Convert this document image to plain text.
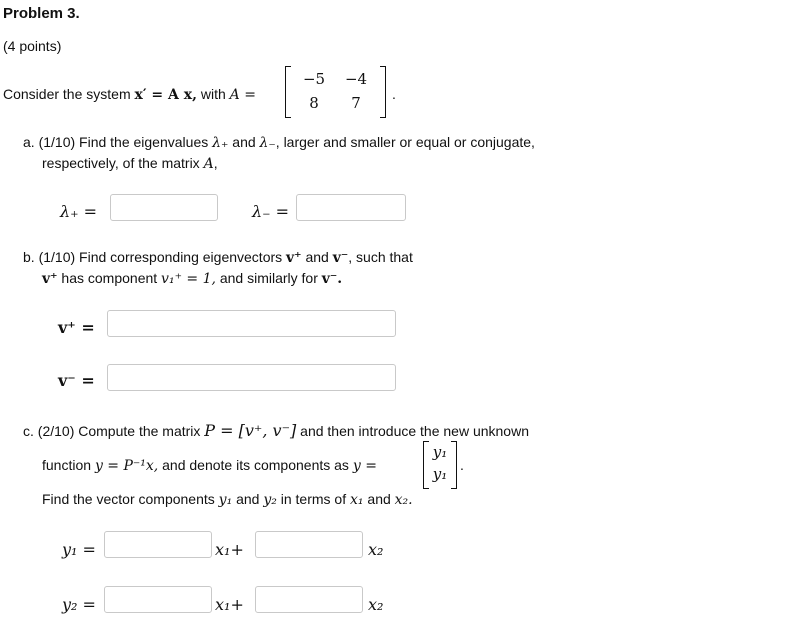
Problem 3.
(4 points)
Consider the system x′ = A x, with A =
−5 −4
8	7	.
a. (1/10) Find the eigenvalues λ₊ and λ₋, larger and smaller or equal or conjugate,
respectively, of the matrix A,
λ₊ =	λ₋ =
b. (1/10) Find corresponding eigenvectors v⁺ and v⁻, such that
v⁺ has component v₁⁺ = 1, and similarly for v⁻.
v⁺ =
v⁻ =
c. (2/10) Compute the matrix P = [v⁺, v⁻] and then introduce the new unknown
function y = P⁻¹x, and denote its components as y =
y₁
y₁ .
Find the vector components y₁ and y₂ in terms of x₁ and x₂.
y₁ =	x₁+	x₂
y₂ =	x₁+	x₂
